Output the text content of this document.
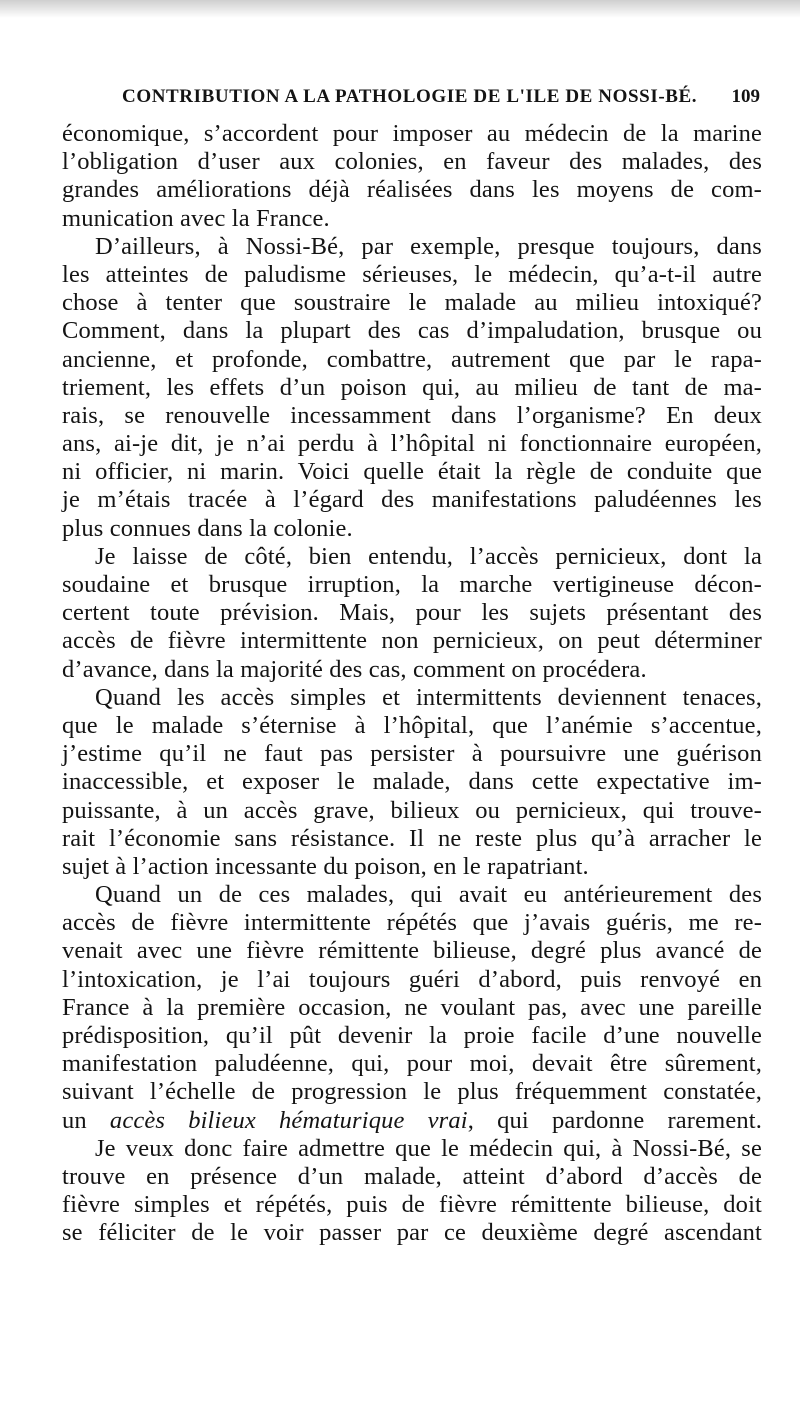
CONTRIBUTION A LA PATHOLOGIE DE L'ILE DE NOSSI-BÉ. 109
économique, s’accordent pour imposer au médecin de la marine
l’obligation d’user aux colonies, en faveur des malades, des
grandes améliorations déjà réalisées dans les moyens de com-
munication avec la France.
D’ailleurs, à Nossi-Bé, par exemple, presque toujours, dans
les atteintes de paludisme sérieuses, le médecin, qu’a-t-il autre
chose à tenter que soustraire le malade au milieu intoxiqué?
Comment, dans la plupart des cas d’impaludation, brusque ou
ancienne, et profonde, combattre, autrement que par le rapa-
triement, les effets d’un poison qui, au milieu de tant de ma-
rais, se renouvelle incessamment dans l’organisme? En deux
ans, ai-je dit, je n’ai perdu à l’hôpital ni fonctionnaire européen,
ni officier, ni marin. Voici quelle était la règle de conduite que
je m’étais tracée à l’égard des manifestations paludéennes les
plus connues dans la colonie.
Je laisse de côté, bien entendu, l’accès pernicieux, dont la
soudaine et brusque irruption, la marche vertigineuse décon-
certent toute prévision. Mais, pour les sujets présentant des
accès de fièvre intermittente non pernicieux, on peut déterminer
d’avance, dans la majorité des cas, comment on procédera.
Quand les accès simples et intermittents deviennent tenaces,
que le malade s’éternise à l’hôpital, que l’anémie s’accentue,
j’estime qu’il ne faut pas persister à poursuivre une guérison
inaccessible, et exposer le malade, dans cette expectative im-
puissante, à un accès grave, bilieux ou pernicieux, qui trouve-
rait l’économie sans résistance. Il ne reste plus qu’à arracher le
sujet à l’action incessante du poison, en le rapatriant.
Quand un de ces malades, qui avait eu antérieurement des
accès de fièvre intermittente répétés que j’avais guéris, me re-
venait avec une fièvre rémittente bilieuse, degré plus avancé de
l’intoxication, je l’ai toujours guéri d’abord, puis renvoyé en
France à la première occasion, ne voulant pas, avec une pareille
prédisposition, qu’il pût devenir la proie facile d’une nouvelle
manifestation paludéenne, qui, pour moi, devait être sûrement,
suivant l’échelle de progression le plus fréquemment constatée,
un accès bilieux hématurique vrai, qui pardonne rarement.
Je veux donc faire admettre que le médecin qui, à Nossi-Bé, se
trouve en présence d’un malade, atteint d’abord d’accès de
fièvre simples et répétés, puis de fièvre rémittente bilieuse, doit
se féliciter de le voir passer par ce deuxième degré ascendant
